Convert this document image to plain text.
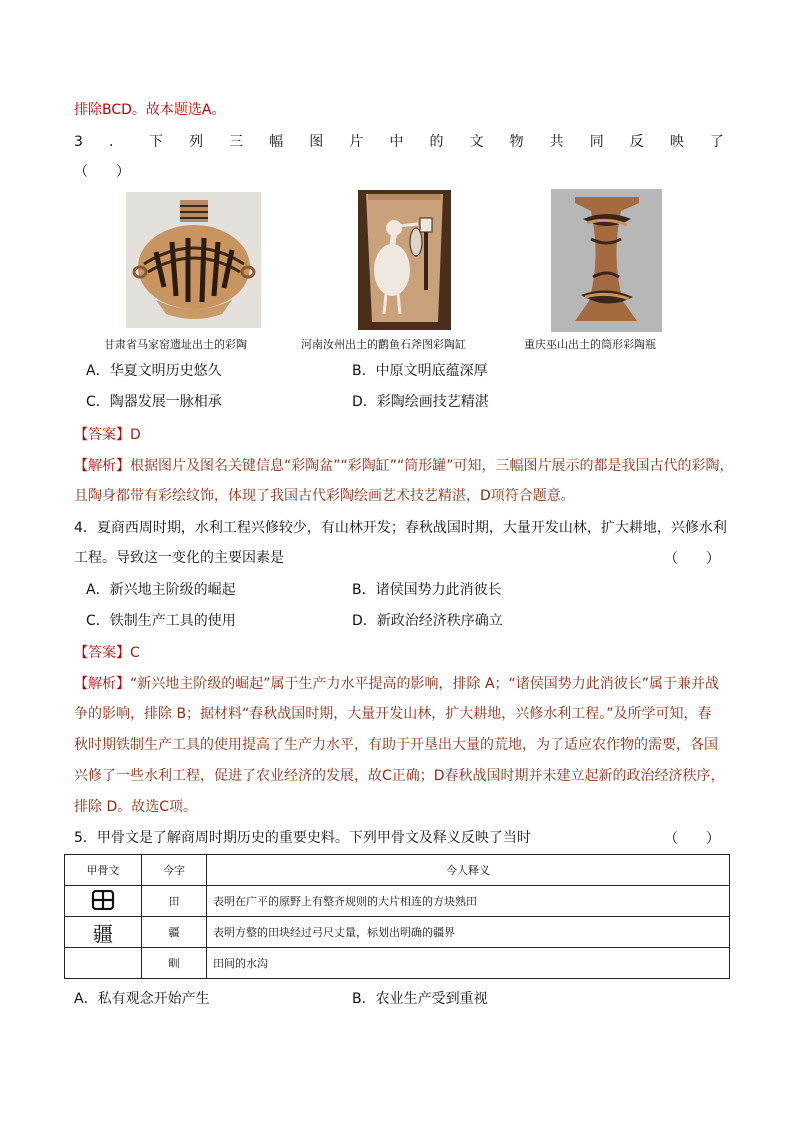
排除BCD。故本题选A。
3 ． 下 列 三 幅 图 片 中 的 文 物 共 同 反 映 了
（　　）
甘肃省马家窑遗址出土的彩陶	河南汝州出土的鹳鱼石斧图彩陶缸	重庆巫山出土的筒形彩陶瓶
A．华夏文明历史悠久	B．中原文明底蕴深厚
C．陶器发展一脉相承	D．彩陶绘画技艺精湛
【答案】D
【解析】根据图片及图名关键信息“彩陶盆”“彩陶缸”“筒形罐”可知，三幅图片展示的都是我国古代的彩陶，
且陶身都带有彩绘纹饰，体现了我国古代彩陶绘画艺术技艺精湛，D项符合题意。
4．夏商西周时期，水利工程兴修较少，有山林开发；春秋战国时期，大量开发山林，扩大耕地，兴修水利
工程。导致这一变化的主要因素是	（　　）
A．新兴地主阶级的崛起	B．诸侯国势力此消彼长
C．铁制生产工具的使用	D．新政治经济秩序确立
【答案】C
【解析】“新兴地主阶级的崛起”属于生产力水平提高的影响，排除 A；“诸侯国势力此消彼长”属于兼并战
争的影响，排除 B；据材料“春秋战国时期，大量开发山林，扩大耕地，兴修水利工程。”及所学可知，春
秋时期铁制生产工具的使用提高了生产力水平，有助于开垦出大量的荒地，为了适应农作物的需要，各国
兴修了一些水利工程，促进了农业经济的发展，故C正确；D春秋战国时期并未建立起新的政治经济秩序，
排除 D。故选C项。
5．甲骨文是了解商周时期历史的重要史料。下列甲骨文及释义反映了当时	（　　）
甲骨文	今字	今人释义
	田	表明在广平的原野上有整齐规则的大片相连的方块熟田
疆	疆	表明方整的田块经过弓尺丈量，标划出明确的疆界
	甽	田间的水沟
A．私有观念开始产生	B．农业生产受到重视
